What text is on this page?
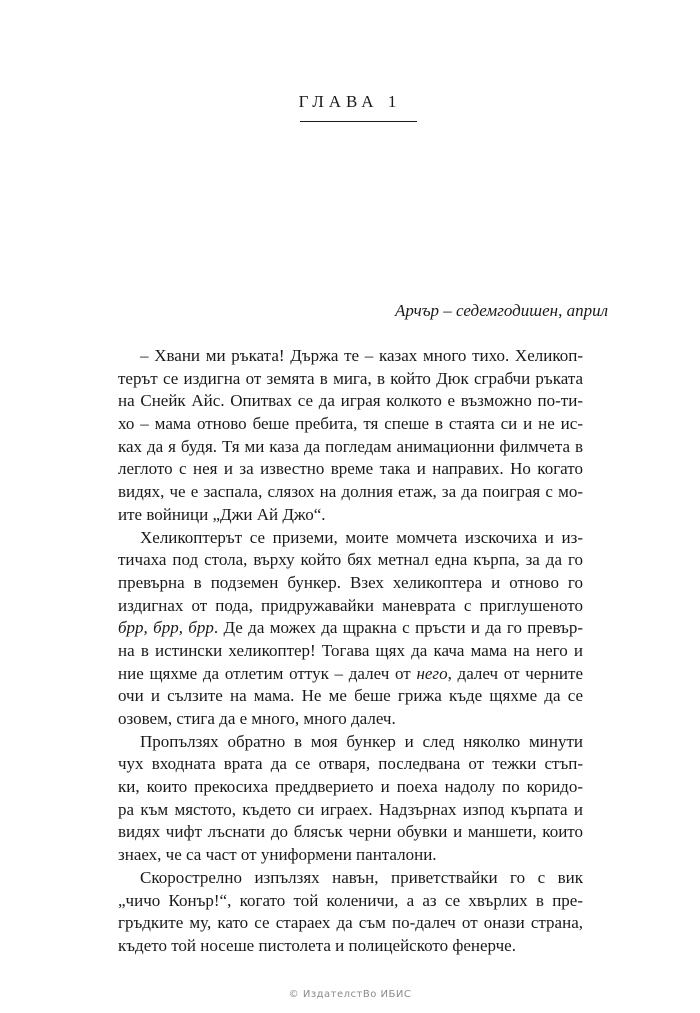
ГЛАВА 1
Арчър – седемгодишен, април
– Хвани ми ръката! Държа те – казах много тихо. Хеликоп-
терът се издигна от земята в мига, в който Дюк сграбчи ръката
на Снейк Айс. Опитвах се да играя колкото е възможно по-ти-
хо – мама отново беше пребита, тя спеше в стаята си и не ис-
ках да я будя. Тя ми каза да погледам анимационни филмчета в
леглото с нея и за известно време така и направих. Но когато
видях, че е заспала, слязох на долния етаж, за да поиграя с мо-
ите войници „Джи Ай Джо“.
Хеликоптерът се приземи, моите момчета изскочиха и из-
тичаха под стола, върху който бях метнал една кърпа, за да го
превърна в подземен бункер. Взех хеликоптера и отново го
издигнах от пода, придружавайки маневрата с приглушеното
брр, брр, брр. Де да можех да щракна с пръсти и да го превър-
на в истински хеликоптер! Тогава щях да кача мама на него и
ние щяхме да отлетим оттук – далеч от него, далеч от черните
очи и сълзите на мама. Не ме беше грижа къде щяхме да се
озовем, стига да е много, много далеч.
Пропълзях обратно в моя бункер и след няколко минути
чух входната врата да се отваря, последвана от тежки стъп-
ки, които прекосиха преддверието и поеха надолу по коридо-
ра към мястото, където си играех. Надзърнах изпод кърпата и
видях чифт лъснати до блясък черни обувки и маншети, които
знаех, че са част от униформени панталони.
Скорострелно изпълзях навън, приветствайки го с вик
„чичо Конър!“, когато той коленичи, а аз се хвърлих в пре-
гръдките му, като се стараех да съм по-далеч от онази страна,
където той носеше пистолета и полицейското фенерче.
© ИздателстВо ИБИС
